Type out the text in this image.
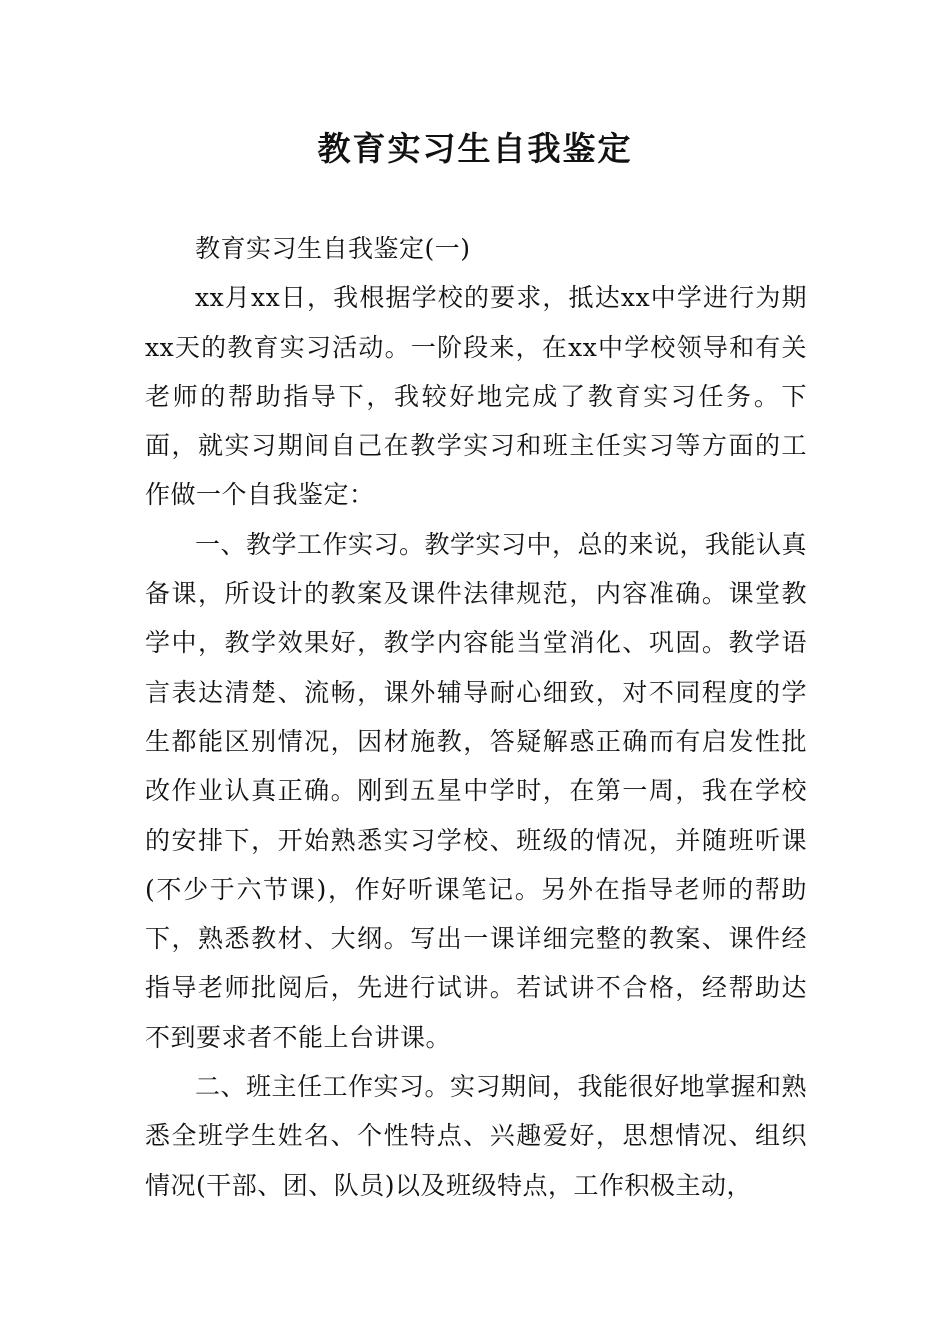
教育实习生自我鉴定

教育实习生自我鉴定(一)

xx月xx日，我根据学校的要求，抵达xx中学进行为期xx天的教育实习活动。一阶段来，在xx中学校领导和有关老师的帮助指导下，我较好地完成了教育实习任务。下面，就实习期间自己在教学实习和班主任实习等方面的工作做一个自我鉴定：

一、教学工作实习。教学实习中，总的来说，我能认真备课，所设计的教案及课件法律规范，内容准确。课堂教学中，教学效果好，教学内容能当堂消化、巩固。教学语言表达清楚、流畅，课外辅导耐心细致，对不同程度的学生都能区别情况，因材施教，答疑解惑正确而有启发性批改作业认真正确。刚到五星中学时，在第一周，我在学校的安排下，开始熟悉实习学校、班级的情况，并随班听课(不少于六节课)，作好听课笔记。另外在指导老师的帮助下，熟悉教材、大纲。写出一课详细完整的教案、课件经指导老师批阅后，先进行试讲。若试讲不合格，经帮助达不到要求者不能上台讲课。

二、班主任工作实习。实习期间，我能很好地掌握和熟悉全班学生姓名、个性特点、兴趣爱好，思想情况、组织情况(干部、团、队员)以及班级特点，工作积极主动，
